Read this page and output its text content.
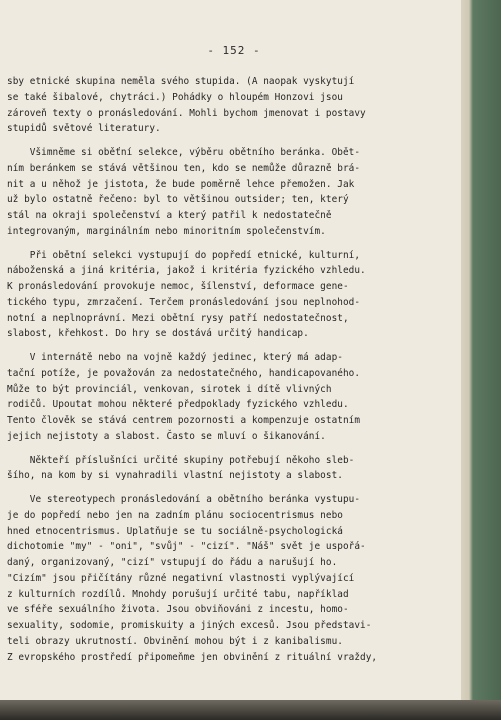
- 152 -
sby etnické skupina neměla svého stupida. (A naopak vyskytují
se také šibalové, chytráci.) Pohádky o hloupém Honzovi jsou
zároveň texty o pronásledování. Mohli bychom jmenovat i postavy
stupidů světové literatury.
Všimněme si oběťní selekce, výběru obětního beránka. Obět-
ním beránkem se stává většinou ten, kdo se nemůže důrazně brá-
nit a u něhož je jistota, že bude poměrně lehce přemožen. Jak
už bylo ostatně řečeno: byl to většinou outsider; ten, který
stál na okraji společenství a který patřil k nedostatečně
integrovaným, marginálním nebo minoritním společenstvím.
Při obětní selekci vystupují do popředí etnické, kulturní,
náboženská a jiná kritéria, jakož i kritéria fyzického vzhledu.
K pronásledování provokuje nemoc, šílenství, deformace gene-
tického typu, zmrzačení. Terčem pronásledování jsou neplnohod-
notní a neplnoprávní. Mezi obětní rysy patří nedostatečnost,
slabost, křehkost. Do hry se dostává určitý handicap.
V internátě nebo na vojně každý jedinec, který má adap-
tační potíže, je považován za nedostatečného, handicapovaného.
Může to být provinciál, venkovan, sirotek i dítě vlivných
rodičů. Upoutat mohou některé předpoklady fyzického vzhledu.
Tento člověk se stává centrem pozornosti a kompenzuje ostatním
jejich nejistoty a slabost. Často se mluví o šikanování.
Někteří příslušníci určité skupiny potřebují někoho sleb-
šího, na kom by si vynahradili vlastní nejistoty a slabost.
Ve stereotypech pronásledování a obětního beránka vystupu-
je do popředí nebo jen na zadním plánu sociocentrismus nebo
hned etnocentrismus. Uplatňuje se tu sociálně-psychologická
dichotomie "my" - "oni", "svůj" - "cizí". "Náš" svět je uspořá-
daný, organizovaný, "cizí" vstupují do řádu a narušují ho.
"Cizím" jsou přičítány různé negativní vlastnosti vyplývající
z kulturních rozdílů. Mnohdy porušují určité tabu, například
ve sféře sexuálního života. Jsou obviňováni z incestu, homo-
sexuality, sodomie, promiskuity a jiných excesů. Jsou představi-
teli obrazy ukrutností. Obvinění mohou být i z kanibalismu.
Z evropského prostředí připomeňme jen obvinění z rituální vraždy,
